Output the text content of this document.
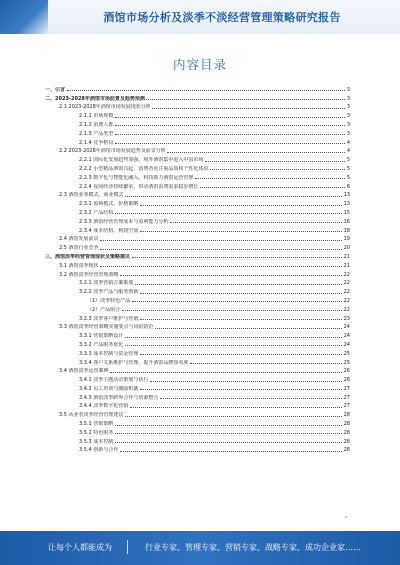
酒馆市场分析及淡季不淡经营管理策略研究报告
内容目录
一、引言	3
二、2023-2028年酒馆市场前景及趋势预测	3
2.1 2023-2028年酒馆市场发展现状分析	3
2.1.1 市场规模	3
2.1.2 消费人群	3
2.1.3 产品类型	3
2.1.4 竞争格局	4
2.2 2023-2028年酒馆市场发展趋势及前景分析	4
2.2.1 国际化发展趋势加强，境外酒馆集中进入中国市场	5
2.2.2 小型精品酒馆兴起，消费者更注重品质和个性化体验	5
2.2.3 数字化与智能化融入，科技助力酒馆运营管理	5
2.2.4 夜间经济持续繁荣，带动酒馆消费需求稳步增长	6
2.3 酒馆业务模式、商业模式	13
2.3.1 盈利模式、价格策略	13
2.3.2 产品结构	15
2.3.3 酒馆经营管理成本与盈利能力分析	16
2.3.4 成本结构、利润空间	18
2.4 酒馆发展前景	19
2.5 酒馆行业竞争	20
三、酒馆淡季经营管理现状及策略建议	21
3.1 酒馆淡季现状	21
3.2 酒馆淡季经营管理策略	22
3.2.1 淡季营销方案策划	22
3.2.2 淡季产品与服务创新	22
（1）淡季特色产品	22
（2）产品组合	22
3.2.3 淡季客户维护与营销	23
3.3 酒馆淡季经营策略实施要点与风险防范	24
3.3.1 营销策略设计	24
3.3.2 产品服务优化	24
3.3.3 成本控制与资金管理	25
3.3.4 客户关系维护与管理，提升酒馆品牌知名度	25
3.4 酒馆淡季运营案例	26
3.4.1 淡季主题活动策划与执行	26
3.4.2 员工培训与激励机制	27
3.4.3 酒馆淡季跨界合作与资源整合	27
3.4.4 淡季数字化营销	27
3.5 从业者淡季经营管理建议	28
3.5.1 营销策略	28
3.5.2 特色服务	28
3.5.3 成本控制	28
3.5.4 创新与合作	28
让每个人都能成为	行业专家、管理专家、营销专家、战略专家、成功企业家……
